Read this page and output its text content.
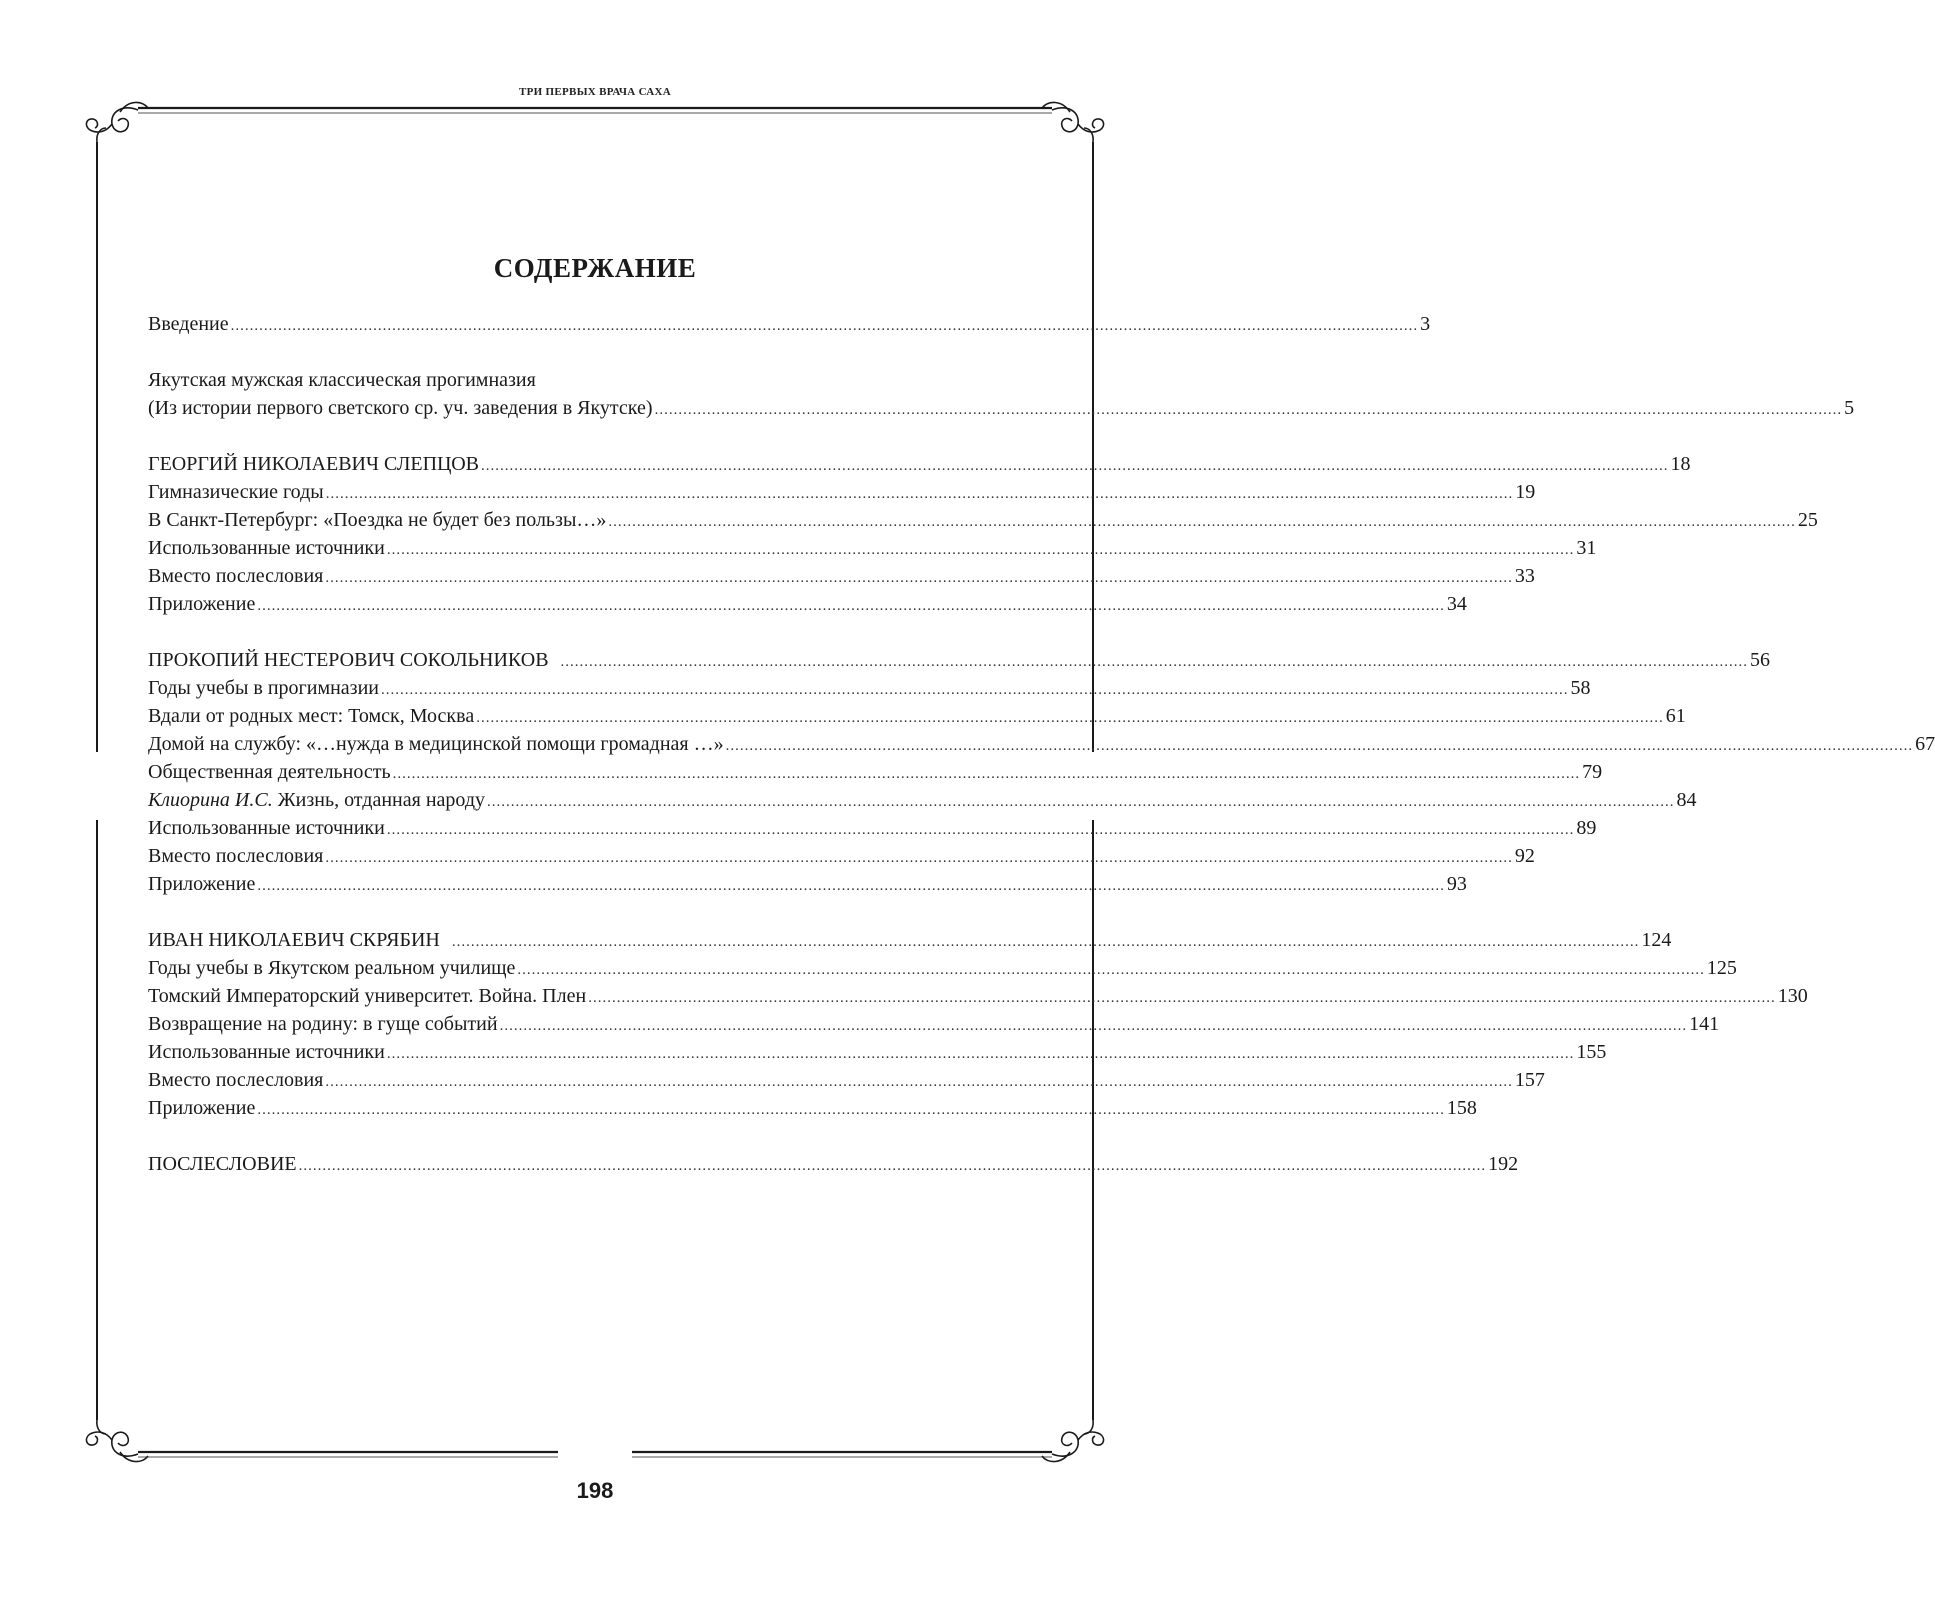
ТРИ ПЕРВЫХ ВРАЧА САХА
СОДЕРЖАНИЕ
Введение .......................................................................................................................................................................................................................................................... 3
Якутская мужская классическая прогимназия
(Из истории первого светского ср. уч. заведения в Якутске) .......................................................................................................................................................................................................................................................... 5
ГЕОРГИЙ НИКОЛАЕВИЧ СЛЕПЦОВ .......................................................................................................................................................................................................................................................... 18
Гимназические годы .......................................................................................................................................................................................................................................................... 19
В Санкт-Петербург: «Поездка не будет без пользы…» .......................................................................................................................................................................................................................................................... 25
Использованные источники .......................................................................................................................................................................................................................................................... 31
Вместо послесловия .......................................................................................................................................................................................................................................................... 33
Приложение .......................................................................................................................................................................................................................................................... 34
ПРОКОПИЙ НЕСТЕРОВИЧ СОКОЛЬНИКОВ .......................................................................................................................................................................................................................................................... 56
Годы учебы в прогимназии .......................................................................................................................................................................................................................................................... 58
Вдали от родных мест: Томск, Москва .......................................................................................................................................................................................................................................................... 61
Домой на службу: «…нужда в медицинской помощи громадная …» .......................................................................................................................................................................................................................................................... 67
Общественная деятельность .......................................................................................................................................................................................................................................................... 79
Клиорина И.С. Жизнь, отданная народу .......................................................................................................................................................................................................................................................... 84
Использованные источники .......................................................................................................................................................................................................................................................... 89
Вместо послесловия .......................................................................................................................................................................................................................................................... 92
Приложение .......................................................................................................................................................................................................................................................... 93
ИВАН НИКОЛАЕВИЧ СКРЯБИН .......................................................................................................................................................................................................................................................... 124
Годы учебы в Якутском реальном училище .......................................................................................................................................................................................................................................................... 125
Томский Императорский университет. Война. Плен .......................................................................................................................................................................................................................................................... 130
Возвращение на родину: в гуще событий .......................................................................................................................................................................................................................................................... 141
Использованные источники .......................................................................................................................................................................................................................................................... 155
Вместо послесловия .......................................................................................................................................................................................................................................................... 157
Приложение .......................................................................................................................................................................................................................................................... 158
ПОСЛЕСЛОВИЕ .......................................................................................................................................................................................................................................................... 192
198
